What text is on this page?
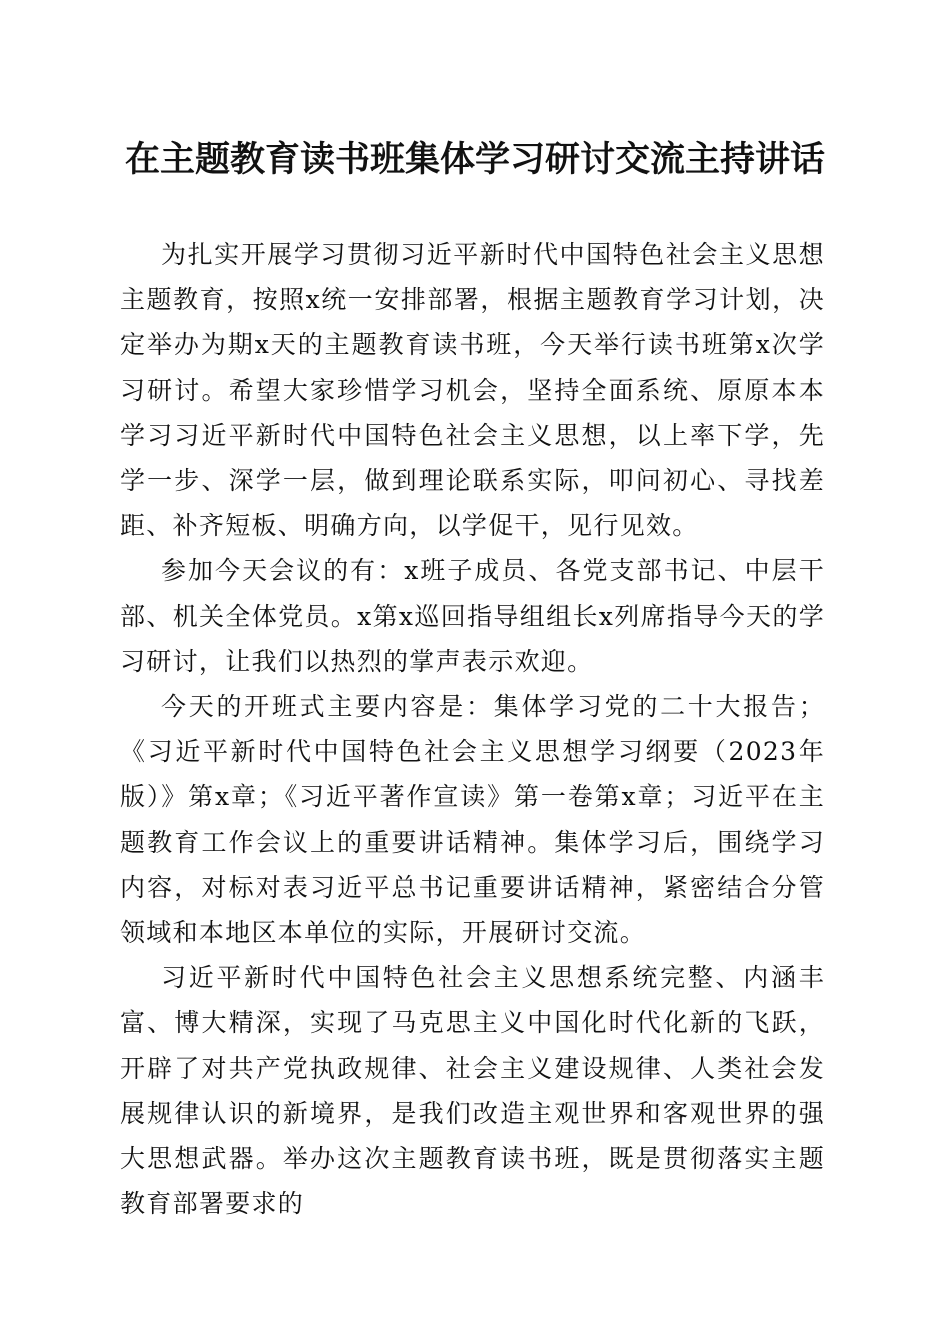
在主题教育读书班集体学习研讨交流主持讲话

为扎实开展学习贯彻习近平新时代中国特色社会主义思想主题教育，按照x统一安排部署，根据主题教育学习计划，决定举办为期x天的主题教育读书班，今天举行读书班第x次学习研讨。希望大家珍惜学习机会，坚持全面系统、原原本本学习习近平新时代中国特色社会主义思想，以上率下学，先学一步、深学一层，做到理论联系实际，叩问初心、寻找差距、补齐短板、明确方向，以学促干，见行见效。

参加今天会议的有：x班子成员、各党支部书记、中层干部、机关全体党员。x第x巡回指导组组长x列席指导今天的学习研讨，让我们以热烈的掌声表示欢迎。

今天的开班式主要内容是：集体学习党的二十大报告；《习近平新时代中国特色社会主义思想学习纲要（2023年版）》第x章；《习近平著作宣读》第一卷第x章；习近平在主题教育工作会议上的重要讲话精神。集体学习后，围绕学习内容，对标对表习近平总书记重要讲话精神，紧密结合分管领域和本地区本单位的实际，开展研讨交流。

习近平新时代中国特色社会主义思想系统完整、内涵丰富、博大精深，实现了马克思主义中国化时代化新的飞跃，开辟了对共产党执政规律、社会主义建设规律、人类社会发展规律认识的新境界，是我们改造主观世界和客观世界的强大思想武器。举办这次主题教育读书班，既是贯彻落实主题教育部署要求的
